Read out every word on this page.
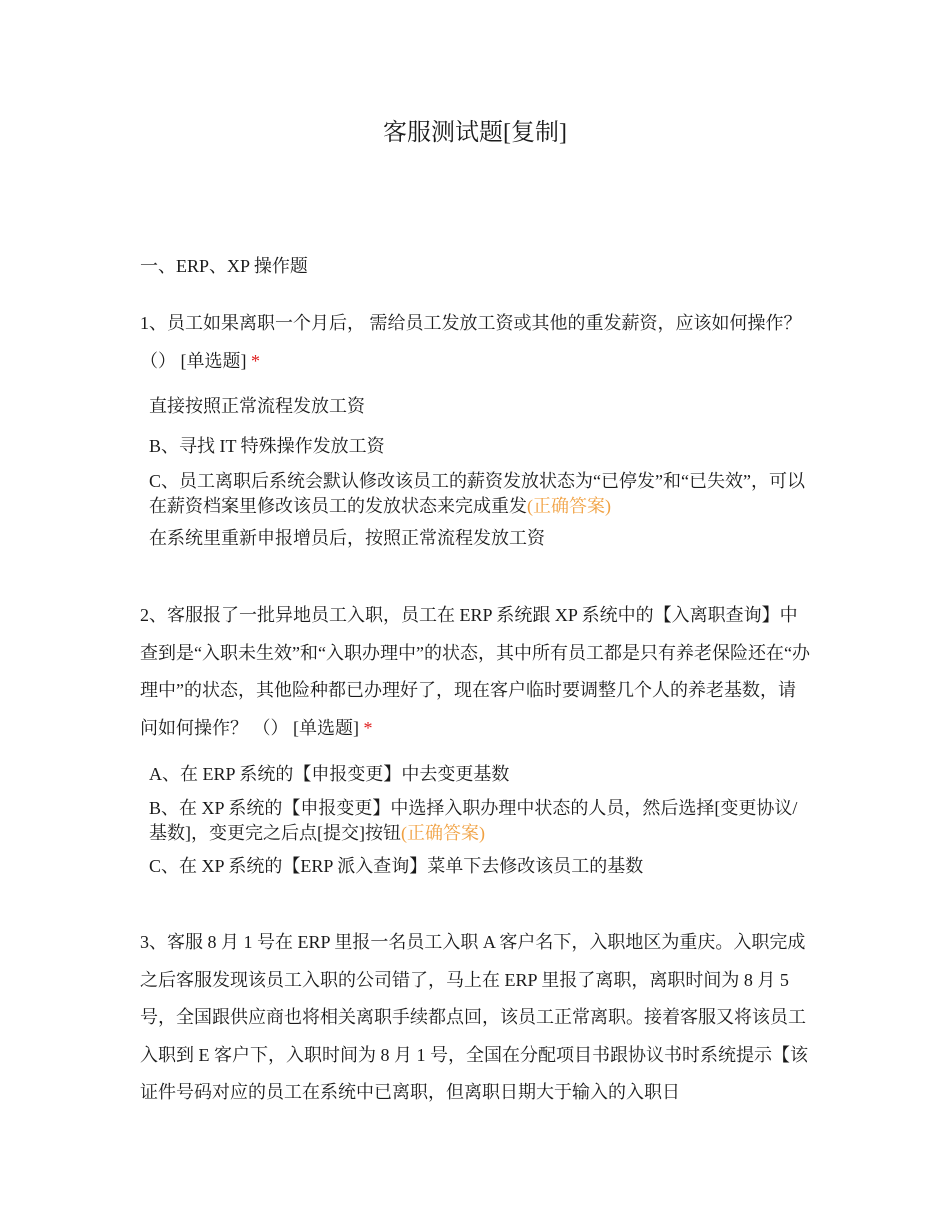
客服测试题[复制]
一、ERP、XP 操作题
1、员工如果离职一个月后， 需给员工发放工资或其他的重发薪资，应该如何操作？ （） [单选题] *
直接按照正常流程发放工资
B、寻找 IT 特殊操作发放工资
C、员工离职后系统会默认修改该员工的薪资发放状态为“已停发”和“已失效”，可以在薪资档案里修改该员工的发放状态来完成重发(正确答案)
在系统里重新申报增员后，按照正常流程发放工资
2、客服报了一批异地员工入职，员工在 ERP 系统跟 XP 系统中的【入离职查询】中查到是“入职未生效”和“入职办理中”的状态，其中所有员工都是只有养老保险还在“办理中”的状态，其他险种都已办理好了，现在客户临时要调整几个人的养老基数，请问如何操作？ （） [单选题] *
A、在 ERP 系统的【申报变更】中去变更基数
B、在 XP 系统的【申报变更】中选择入职办理中状态的人员，然后选择[变更协议/基数]，变更完之后点[提交]按钮(正确答案)
C、在 XP 系统的【ERP 派入查询】菜单下去修改该员工的基数
3、客服 8 月 1 号在 ERP 里报一名员工入职 A 客户名下，入职地区为重庆。入职完成之后客服发现该员工入职的公司错了，马上在 ERP 里报了离职，离职时间为 8 月 5 号，全国跟供应商也将相关离职手续都点回，该员工正常离职。接着客服又将该员工入职到 E 客户下，入职时间为 8 月 1 号，全国在分配项目书跟协议书时系统提示【该证件号码对应的员工在系统中已离职，但离职日期大于输入的入职日
